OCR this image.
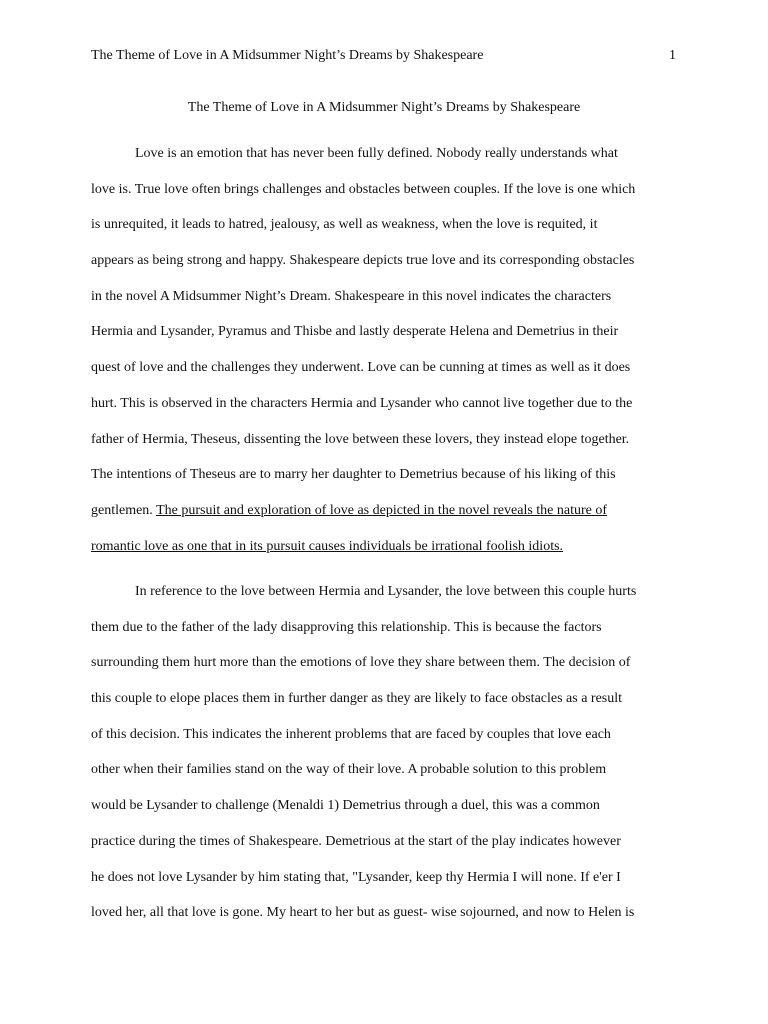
The Theme of Love in A Midsummer Night’s Dreams by Shakespeare	1
The Theme of Love in A Midsummer Night’s Dreams by Shakespeare
Love is an emotion that has never been fully defined. Nobody really understands what
love is. True love often brings challenges and obstacles between couples. If the love is one which
is unrequited, it leads to hatred, jealousy, as well as weakness, when the love is requited, it
appears as being strong and happy. Shakespeare depicts true love and its corresponding obstacles
in the novel A Midsummer Night’s Dream. Shakespeare in this novel indicates the characters
Hermia and Lysander, Pyramus and Thisbe and lastly desperate Helena and Demetrius in their
quest of love and the challenges they underwent. Love can be cunning at times as well as it does
hurt. This is observed in the characters Hermia and Lysander who cannot live together due to the
father of Hermia, Theseus, dissenting the love between these lovers, they instead elope together.
The intentions of Theseus are to marry her daughter to Demetrius because of his liking of this
gentlemen. The pursuit and exploration of love as depicted in the novel reveals the nature of
romantic love as one that in its pursuit causes individuals be irrational foolish idiots.
In reference to the love between Hermia and Lysander, the love between this couple hurts
them due to the father of the lady disapproving this relationship. This is because the factors
surrounding them hurt more than the emotions of love they share between them. The decision of
this couple to elope places them in further danger as they are likely to face obstacles as a result
of this decision. This indicates the inherent problems that are faced by couples that love each
other when their families stand on the way of their love. A probable solution to this problem
would be Lysander to challenge (Menaldi 1) Demetrius through a duel, this was a common
practice during the times of Shakespeare. Demetrious at the start of the play indicates however
he does not love Lysander by him stating that, "Lysander, keep thy Hermia I will none. If e'er I
loved her, all that love is gone. My heart to her but as guest- wise sojourned, and now to Helen is
